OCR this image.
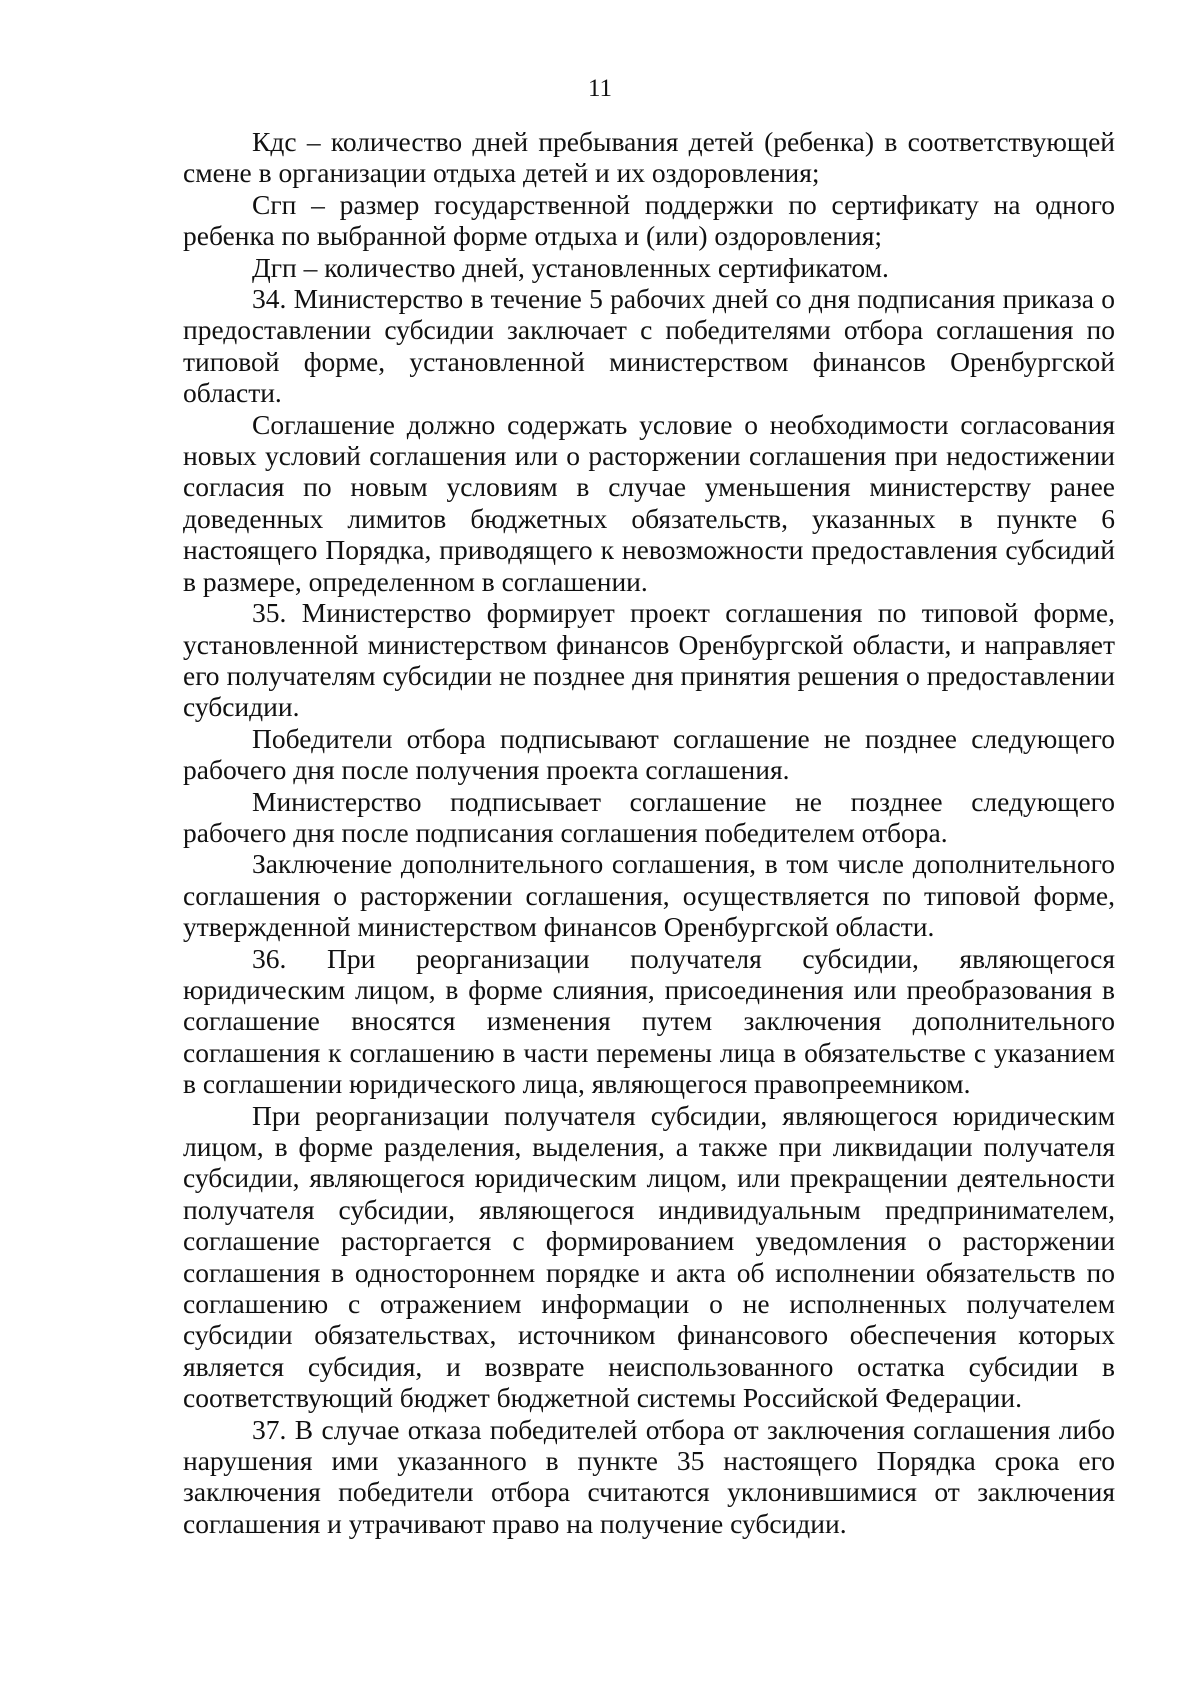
11

Кдс – количество дней пребывания детей (ребенка) в соответствующей смене в организации отдыха детей и их оздоровления;

Сгп – размер государственной поддержки по сертификату на одного ребенка по выбранной форме отдыха и (или) оздоровления;

Дгп – количество дней, установленных сертификатом.

34. Министерство в течение 5 рабочих дней со дня подписания приказа о предоставлении субсидии заключает с победителями отбора соглашения по типовой форме, установленной министерством финансов Оренбургской области.

Соглашение должно содержать условие о необходимости согласования новых условий соглашения или о расторжении соглашения при недостижении согласия по новым условиям в случае уменьшения министерству ранее доведенных лимитов бюджетных обязательств, указанных в пункте 6 настоящего Порядка, приводящего к невозможности предоставления субсидий в размере, определенном в соглашении.

35. Министерство формирует проект соглашения по типовой форме, установленной министерством финансов Оренбургской области, и направляет его получателям субсидии не позднее дня принятия решения о предоставлении субсидии.

Победители отбора подписывают соглашение не позднее следующего рабочего дня после получения проекта соглашения.

Министерство подписывает соглашение не позднее следующего рабочего дня после подписания соглашения победителем отбора.

Заключение дополнительного соглашения, в том числе дополнительного соглашения о расторжении соглашения, осуществляется по типовой форме, утвержденной министерством финансов Оренбургской области.

36. При реорганизации получателя субсидии, являющегося юридическим лицом, в форме слияния, присоединения или преобразования в соглашение вносятся изменения путем заключения дополнительного соглашения к соглашению в части перемены лица в обязательстве с указанием в соглашении юридического лица, являющегося правопреемником.

При реорганизации получателя субсидии, являющегося юридическим лицом, в форме разделения, выделения, а также при ликвидации получателя субсидии, являющегося юридическим лицом, или прекращении деятельности получателя субсидии, являющегося индивидуальным предпринимателем, соглашение расторгается с формированием уведомления о расторжении соглашения в одностороннем порядке и акта об исполнении обязательств по соглашению с отражением информации о не исполненных получателем субсидии обязательствах, источником финансового обеспечения которых является субсидия, и возврате неиспользованного остатка субсидии в соответствующий бюджет бюджетной системы Российской Федерации.

37. В случае отказа победителей отбора от заключения соглашения либо нарушения ими указанного в пункте 35 настоящего Порядка срока его заключения победители отбора считаются уклонившимися от заключения соглашения и утрачивают право на получение субсидии.
